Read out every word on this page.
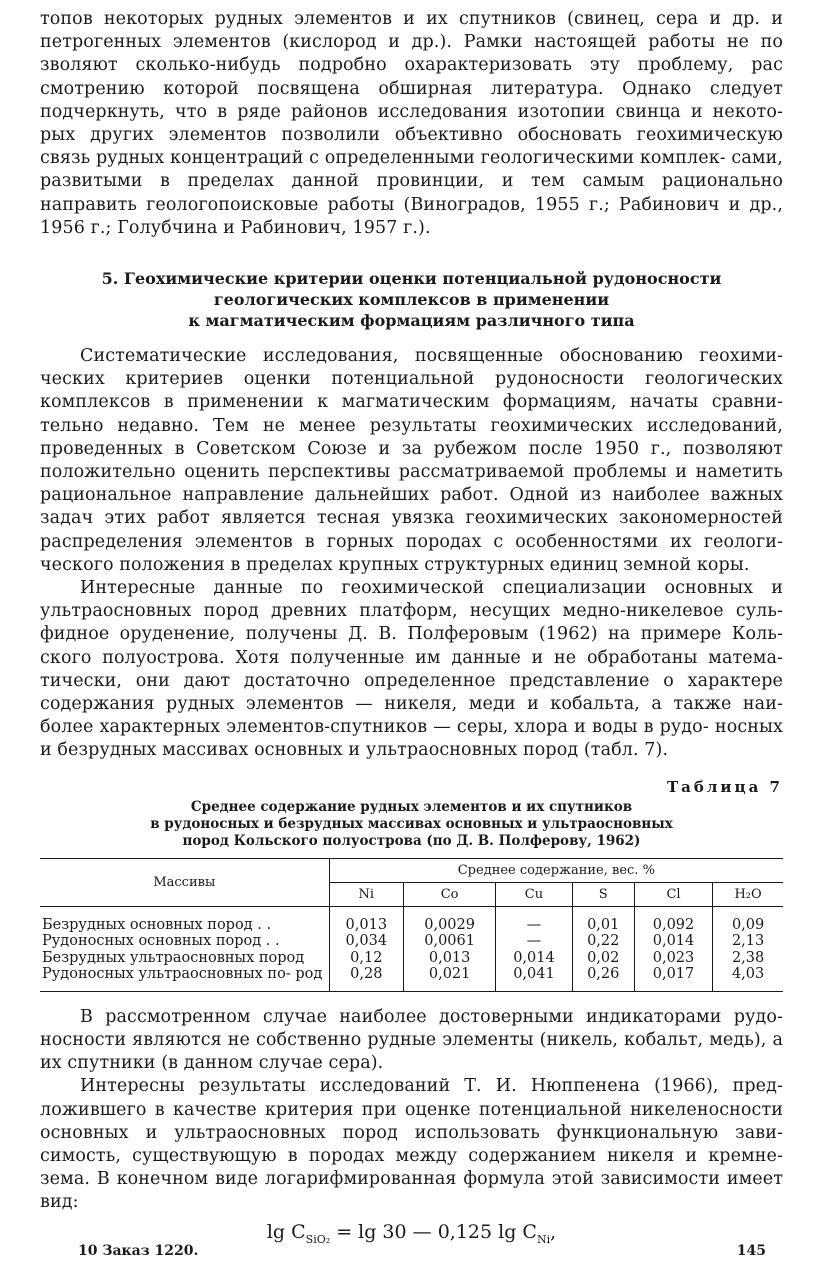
топов некоторых рудных элементов и их спутников (свинец, сера и др. и петрогенных элементов (кислород и др.). Рамки настоящей работы не по зволяют сколько-нибудь подробно охарактеризовать эту проблему, рас смотрению которой посвящена обширная литература. Однако следует подчеркнуть, что в ряде районов исследования изотопии свинца и некото- рых других элементов позволили объективно обосновать геохимическую связь рудных концентраций с определенными геологическими комплек- сами, развитыми в пределах данной провинции, и тем самым рационально направить геологопоисковые работы (Виноградов, 1955 г.; Рабинович и др., 1956 г.; Голубчина и Рабинович, 1957 г.).

5. Геохимические критерии оценки потенциальной рудоносности
геологических комплексов в применении
к магматическим формациям различного типа

Систематические исследования, посвященные обоснованию геохими- ческих критериев оценки потенциальной рудоносности геологических комплексов в применении к магматическим формациям, начаты сравни- тельно недавно. Тем не менее результаты геохимических исследований, проведенных в Советском Союзе и за рубежом после 1950 г., позволяют положительно оценить перспективы рассматриваемой проблемы и наметить рациональное направление дальнейших работ. Одной из наиболее важных задач этих работ является тесная увязка геохимических закономерностей распределения элементов в горных породах с особенностями их геологи- ческого положения в пределах крупных структурных единиц земной коры.

Интересные данные по геохимической специализации основных и ультраосновных пород древних платформ, несущих медно-никелевое суль- фидное оруденение, получены Д. В. Полферовым (1962) на примере Коль- ского полуострова. Хотя полученные им данные и не обработаны матема- тически, они дают достаточно определенное представление о характере содержания рудных элементов — никеля, меди и кобальта, а также наи- более характерных элементов-спутников — серы, хлора и воды в рудо- носных и безрудных массивах основных и ультраосновных пород (табл. 7).

Таблица 7
Среднее содержание рудных элементов и их спутников
в рудоносных и безрудных массивах основных и ультраосновных
пород Кольского полуострова (по Д. В. Полферову, 1962)
Массивы	Среднее содержание, вес. %					
	Ni	Co	Cu	S	Cl	H₂O
Безрудных основных пород . .	0,013	0,0029	—	0,01	0,092	0,09
Рудоносных основных пород . .	0,034	0,0061	—	0,22	0,014	2,13
Безрудных ультраосновных пород	0,12	0,013	0,014	0,02	0,023	2,38
Рудоносных ультраосновных по- род	0,28	0,021	0,041	0,26	0,017	4,03

В рассмотренном случае наиболее достоверными индикаторами рудо- носности являются не собственно рудные элементы (никель, кобальт, медь), а их спутники (в данном случае сера).

Интересны результаты исследований Т. И. Нюппенена (1966), пред- ложившего в качестве критерия при оценке потенциальной никеленосности основных и ультраосновных пород использовать функциональную зави- симость, существующую в породах между содержанием никеля и кремне- зема. В конечном виде логарифмированная формула этой зависимости имеет вид:

$\lg C_{SiO_2} = \lg 30$ — 0,125 $\lg C_{Ni}$,
10 Заказ 1220.	145
